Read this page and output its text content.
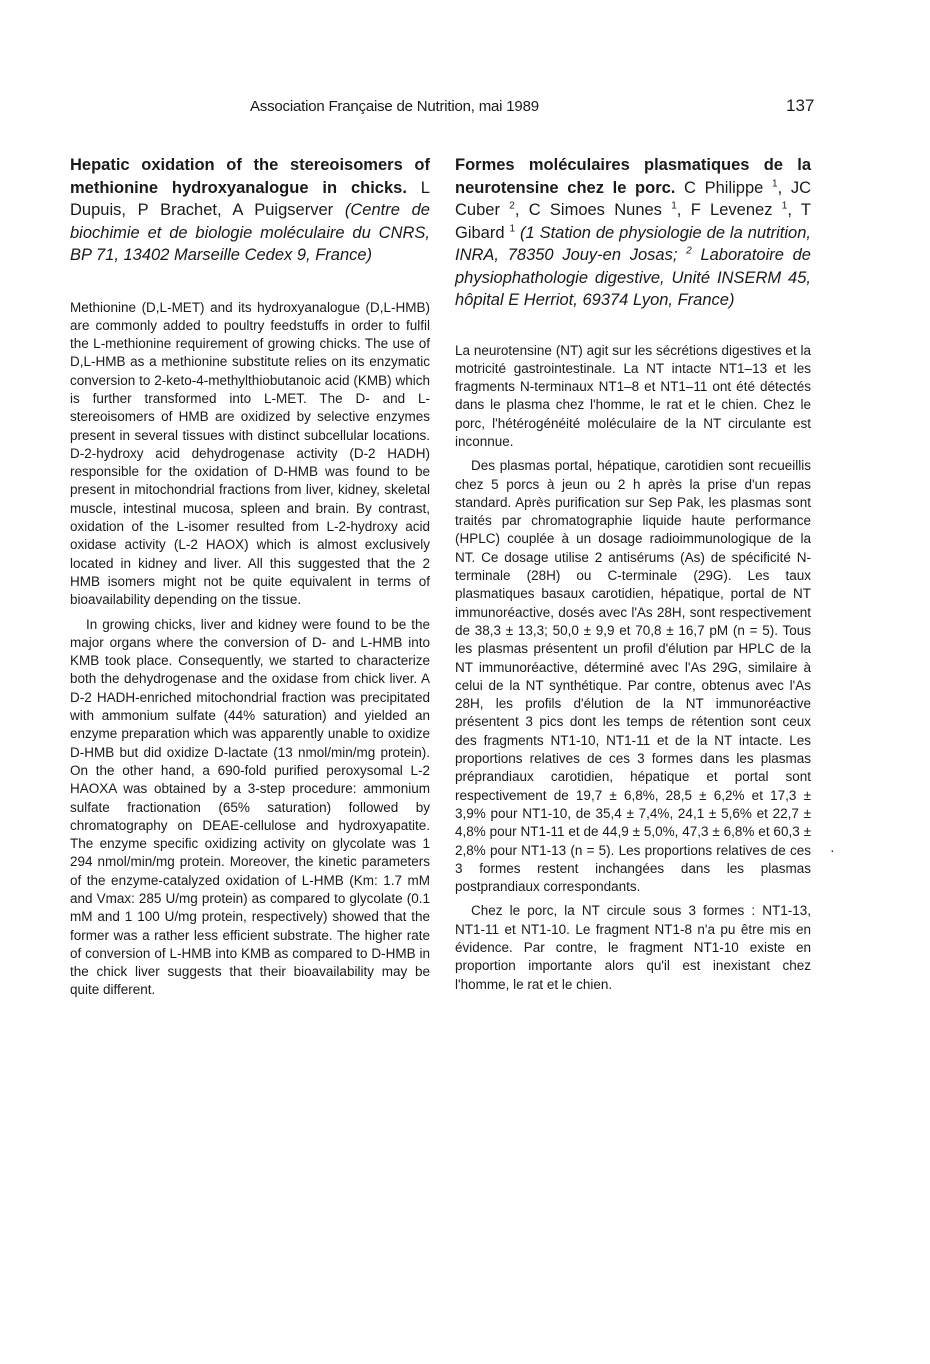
Association Française de Nutrition, mai 1989	137
Hepatic oxidation of the stereoisomers of methionine hydroxyanalogue in chicks. L Dupuis, P Brachet, A Puigserver (Centre de biochimie et de biologie moléculaire du CNRS, BP 71, 13402 Marseille Cedex 9, France)

Methionine (D,L-MET) and its hydroxyanalogue (D,L-HMB) are commonly added to poultry feedstuffs in order to fulfil the L-methionine requirement of growing chicks. The use of D,L-HMB as a methionine substitute relies on its enzymatic conversion to 2-keto-4-methylthiobutanoic acid (KMB) which is further transformed into L-MET. The D- and L-stereoisomers of HMB are oxidized by selective enzymes present in several tissues with distinct subcellular locations. D-2-hydroxy acid dehydrogenase activity (D-2 HADH) responsible for the oxidation of D-HMB was found to be present in mitochondrial fractions from liver, kidney, skeletal muscle, intestinal mucosa, spleen and brain. By contrast, oxidation of the L-isomer resulted from L-2-hydroxy acid oxidase activity (L-2 HAOX) which is almost exclusively located in kidney and liver. All this suggested that the 2 HMB isomers might not be quite equivalent in terms of bioavailability depending on the tissue.

In growing chicks, liver and kidney were found to be the major organs where the conversion of D- and L-HMB into KMB took place. Consequently, we started to characterize both the dehydrogenase and the oxidase from chick liver. A D-2 HADH-enriched mitochondrial fraction was precipitated with ammonium sulfate (44% saturation) and yielded an enzyme preparation which was apparently unable to oxidize D-HMB but did oxidize D-lactate (13 nmol/min/mg protein). On the other hand, a 690-fold purified peroxysomal L-2 HAOXA was obtained by a 3-step procedure: ammonium sulfate fractionation (65% saturation) followed by chromatography on DEAE-cellulose and hydroxyapatite. The enzyme specific oxidizing activity on glycolate was 1 294 nmol/min/mg protein. Moreover, the kinetic parameters of the enzyme-catalyzed oxidation of L-HMB (Km: 1.7 mM and Vmax: 285 U/mg protein) as compared to glycolate (0.1 mM and 1 100 U/mg protein, respectively) showed that the former was a rather less efficient substrate. The higher rate of conversion of L-HMB into KMB as compared to D-HMB in the chick liver suggests that their bioavailability may be quite different.

Formes moléculaires plasmatiques de la neurotensine chez le porc. C Philippe $^1$, JC Cuber $^2$, C Simoes Nunes $^1$, F Levenez $^1$, T Gibard $^1$ (1 Station de physiologie de la nutrition, INRA, 78350 Jouy-en Josas; $^2$ Laboratoire de physiophathologie digestive, Unité INSERM 45, hôpital E Herriot, 69374 Lyon, France)

La neurotensine (NT) agit sur les sécrétions digestives et la motricité gastrointestinale. La NT intacte NT1–13 et les fragments N-terminaux NT1–8 et NT1–11 ont été détectés dans le plasma chez l'homme, le rat et le chien. Chez le porc, l'hétérogénéité moléculaire de la NT circulante est inconnue.

Des plasmas portal, hépatique, carotidien sont recueillis chez 5 porcs à jeun ou 2 h après la prise d'un repas standard. Après purification sur Sep Pak, les plasmas sont traités par chromatographie liquide haute performance (HPLC) couplée à un dosage radioimmunologique de la NT. Ce dosage utilise 2 antisérums (As) de spécificité N-terminale (28H) ou C-terminale (29G). Les taux plasmatiques basaux carotidien, hépatique, portal de NT immunoréactive, dosés avec l'As 28H, sont respectivement de 38,3 ± 13,3; 50,0 ± 9,9 et 70,8 ± 16,7 pM (n = 5). Tous les plasmas présentent un profil d'élution par HPLC de la NT immunoréactive, déterminé avec l'As 29G, similaire à celui de la NT synthétique. Par contre, obtenus avec l'As 28H, les profils d'élution de la NT immunoréactive présentent 3 pics dont les temps de rétention sont ceux des fragments NT1-10, NT1-11 et de la NT intacte. Les proportions relatives de ces 3 formes dans les plasmas préprandiaux carotidien, hépatique et portal sont respectivement de 19,7 ± 6,8%, 28,5 ± 6,2% et 17,3 ± 3,9% pour NT1-10, de 35,4 ± 7,4%, 24,1 ± 5,6% et 22,7 ± 4,8% pour NT1-11 et de 44,9 ± 5,0%, 47,3 ± 6,8% et 60,3 ± 2,8% pour NT1-13 (n = 5). Les proportions relatives de ces 3 formes restent inchangées dans les plasmas postprandiaux correspondants.

Chez le porc, la NT circule sous 3 formes : NT1-13, NT1-11 et NT1-10. Le fragment NT1-8 n'a pu être mis en évidence. Par contre, le fragment NT1-10 existe en proportion importante alors qu'il est inexistant chez l'homme, le rat et le chien.

·
